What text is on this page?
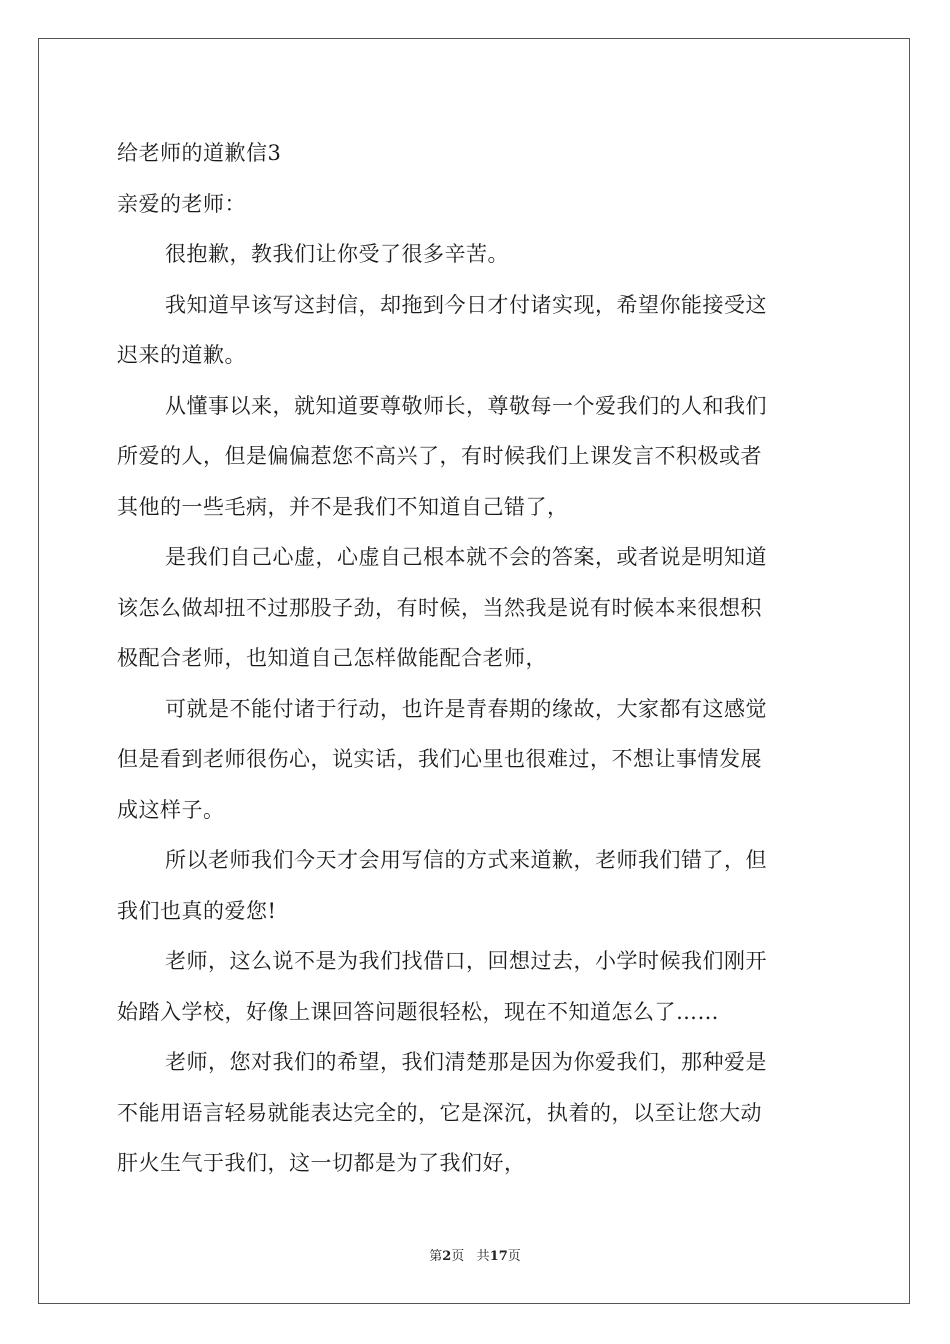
给老师的道歉信3
亲爱的老师：
很抱歉，教我们让你受了很多辛苦。
我知道早该写这封信，却拖到今日才付诸实现，希望你能接受这
迟来的道歉。
从懂事以来，就知道要尊敬师长，尊敬每一个爱我们的人和我们
所爱的人，但是偏偏惹您不高兴了，有时候我们上课发言不积极或者
其他的一些毛病，并不是我们不知道自己错了，
是我们自己心虚，心虚自己根本就不会的答案，或者说是明知道
该怎么做却扭不过那股子劲，有时候，当然我是说有时候本来很想积
极配合老师，也知道自己怎样做能配合老师，
可就是不能付诸于行动，也许是青春期的缘故，大家都有这感觉
但是看到老师很伤心，说实话，我们心里也很难过，不想让事情发展
成这样子。
所以老师我们今天才会用写信的方式来道歉，老师我们错了，但
我们也真的爱您!
老师，这么说不是为我们找借口，回想过去，小学时候我们刚开
始踏入学校，好像上课回答问题很轻松，现在不知道怎么了……
老师，您对我们的希望，我们清楚那是因为你爱我们，那种爱是
不能用语言轻易就能表达完全的，它是深沉，执着的，以至让您大动
肝火生气于我们，这一切都是为了我们好，
第2页 共17页
